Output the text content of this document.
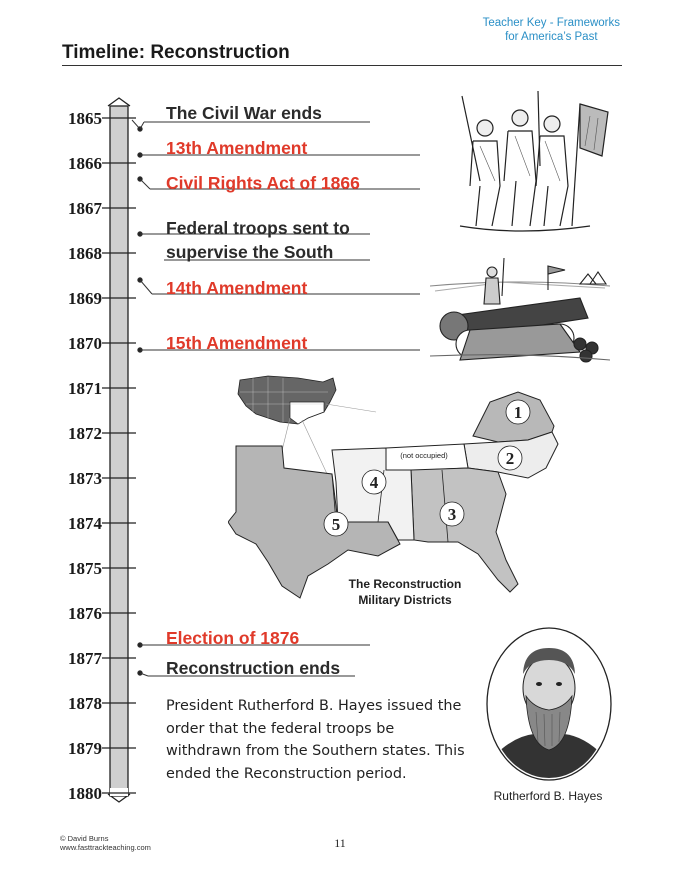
Teacher Key - Frameworks
for America’s Past
Timeline: Reconstruction
1865
1866
1867
1868
1869
1870
1871
1872
1873
1874
1875
1876
1877
1878
1879
1880
The Civil War ends
13th Amendment
Civil Rights Act of 1866
Federal troops sent to
supervise the South
14th Amendment
15th Amendment
Election of 1876
Reconstruction ends
President Rutherford B. Hayes issued the order that the federal troops be withdrawn from the Southern states. This ended the Reconstruction period.
1
2
3
4
5
(not occupied)
The Reconstruction
Military Districts
Rutherford B. Hayes
© David Burns
www.fasttrackteaching.com	11
